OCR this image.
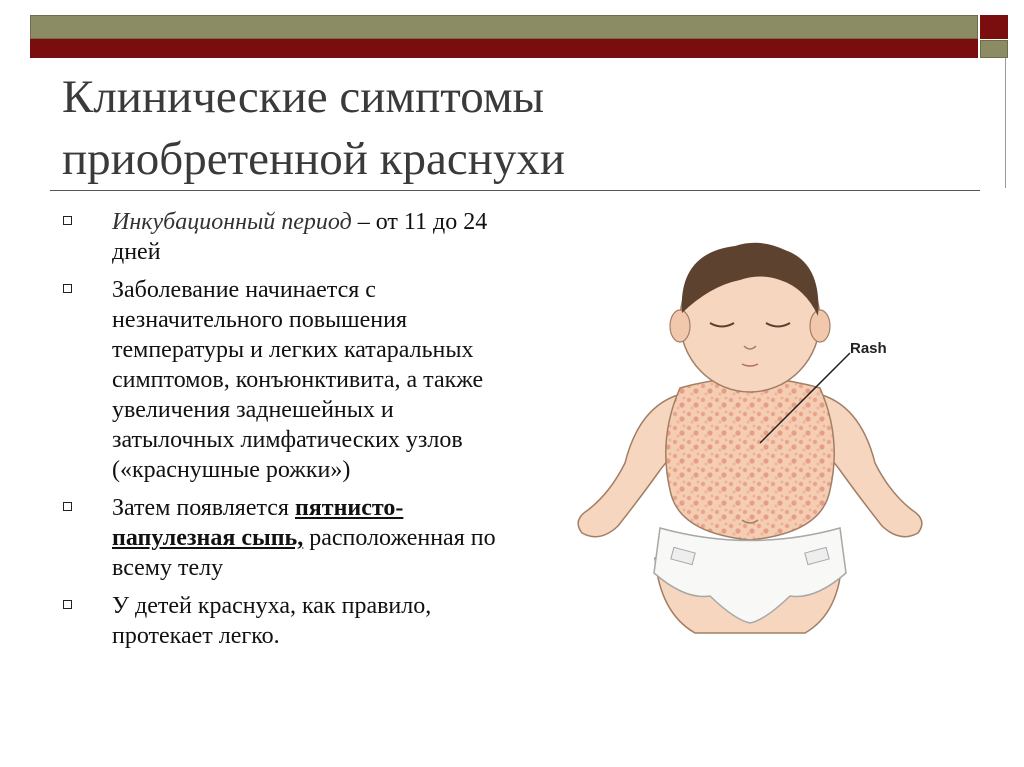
Клинические симптомы
приобретенной краснухи
Инкубационный период – от 11 до 24 дней
Заболевание начинается с незначительного повышения температуры и легких катаральных симптомов, конъюнктивита, а также увеличения заднешейных и затылочных лимфатических узлов («краснушные рожки»)
Затем появляется пятнисто-папулезная сыпь, расположенная по всему телу
У детей краснуха, как правило, протекает легко.
Rash
